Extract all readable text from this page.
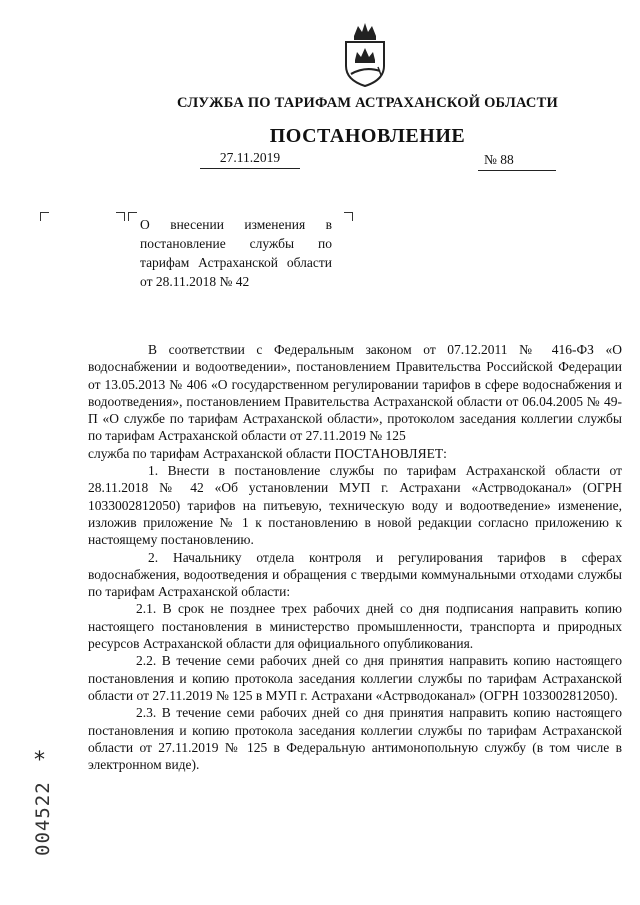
СЛУЖБА ПО ТАРИФАМ АСТРАХАНСКОЙ ОБЛАСТИ
ПОСТАНОВЛЕНИЕ
27.11.2019	№ 88
О внесении изменения в постановление службы по тарифам Астраханской области от 28.11.2018 № 42

В соответствии с Федеральным законом от 07.12.2011 № 416-ФЗ «О водоснабжении и водоотведении», постановлением Правительства Российской Федерации от 13.05.2013 № 406 «О государственном регулировании тарифов в сфере водоснабжения и водоотведения», постановлением Правительства Астраханской области от 06.04.2005 № 49-П «О службе по тарифам Астраханской области», протоколом заседания коллегии службы по тарифам Астраханской области от 27.11.2019 № 125

служба по тарифам Астраханской области ПОСТАНОВЛЯЕТ:

1. Внести в постановление службы по тарифам Астраханской области от 28.11.2018 № 42 «Об установлении МУП г. Астрахани «Астрводоканал» (ОГРН 1033002812050) тарифов на питьевую, техническую воду и водоотведение» изменение, изложив приложение № 1 к постановлению в новой редакции согласно приложению к настоящему постановлению.

2. Начальнику отдела контроля и регулирования тарифов в сферах водоснабжения, водоотведения и обращения с твердыми коммунальными отходами службы по тарифам Астраханской области:

2.1. В срок не позднее трех рабочих дней со дня подписания направить копию настоящего постановления в министерство промышленности, транспорта и природных ресурсов Астраханской области для официального опубликования.

2.2. В течение семи рабочих дней со дня принятия направить копию настоящего постановления и копию протокола заседания коллегии службы по тарифам Астраханской области от 27.11.2019 № 125 в МУП г. Астрахани «Астрводоканал» (ОГРН 1033002812050).

2.3. В течение семи рабочих дней со дня принятия направить копию настоящего постановления и копию протокола заседания коллегии службы по тарифам Астраханской области от 27.11.2019 № 125 в Федеральную антимонопольную службу (в том числе в электронном виде).

*
004522
